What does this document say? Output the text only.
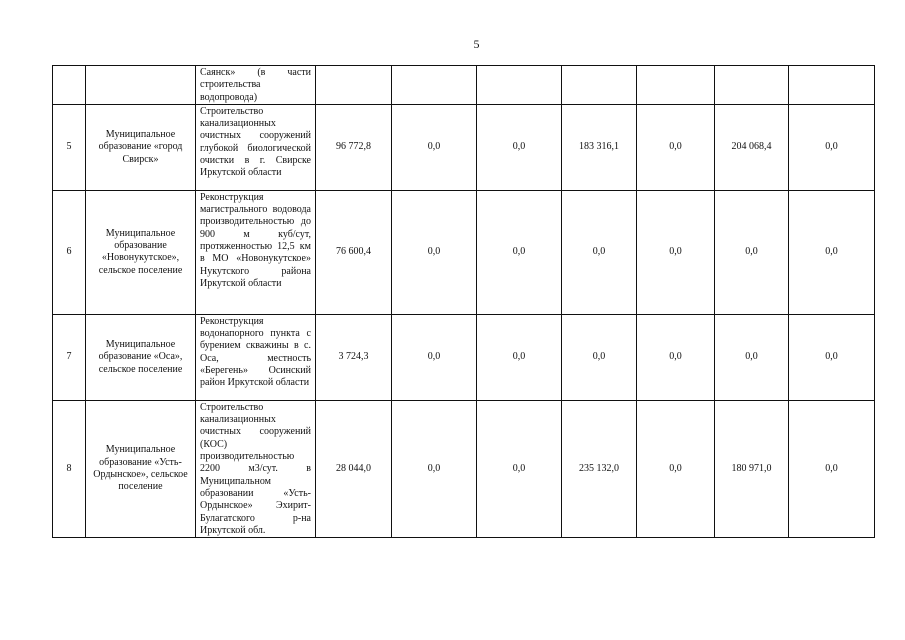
5
		Саянск» (в части строительства водопровода)							
5	Муниципальное образование «город Свирск»	Строительство канализационных очистных сооружений глубокой биологической очистки в г. Свирске Иркутской области	96 772,8	0,0	0,0	183 316,1	0,0	204 068,4	0,0
6	Муниципальное образование «Новонукутское», сельское поселение	Реконструкция магистрального водовода производительностью до 900 м куб/сут, протяженностью 12,5 км в МО «Новонукутское» Нукутского района Иркутской области	76 600,4	0,0	0,0	0,0	0,0	0,0	0,0
7	Муниципальное образование «Оса», сельское поселение	Реконструкция водонапорного пункта с бурением скважины в с. Оса, местность «Берегень» Осинский район Иркутской области	3 724,3	0,0	0,0	0,0	0,0	0,0	0,0
8	Муниципальное образование «Усть-Ордынское», сельское поселение	Строительство канализационных очистных сооружений (КОС) производительностью 2200 м3/сут. в Муниципальном образовании «Усть-Ордынское» Эхирит-Булагатского р-на Иркутской обл.	28 044,0	0,0	0,0	235 132,0	0,0	180 971,0	0,0
